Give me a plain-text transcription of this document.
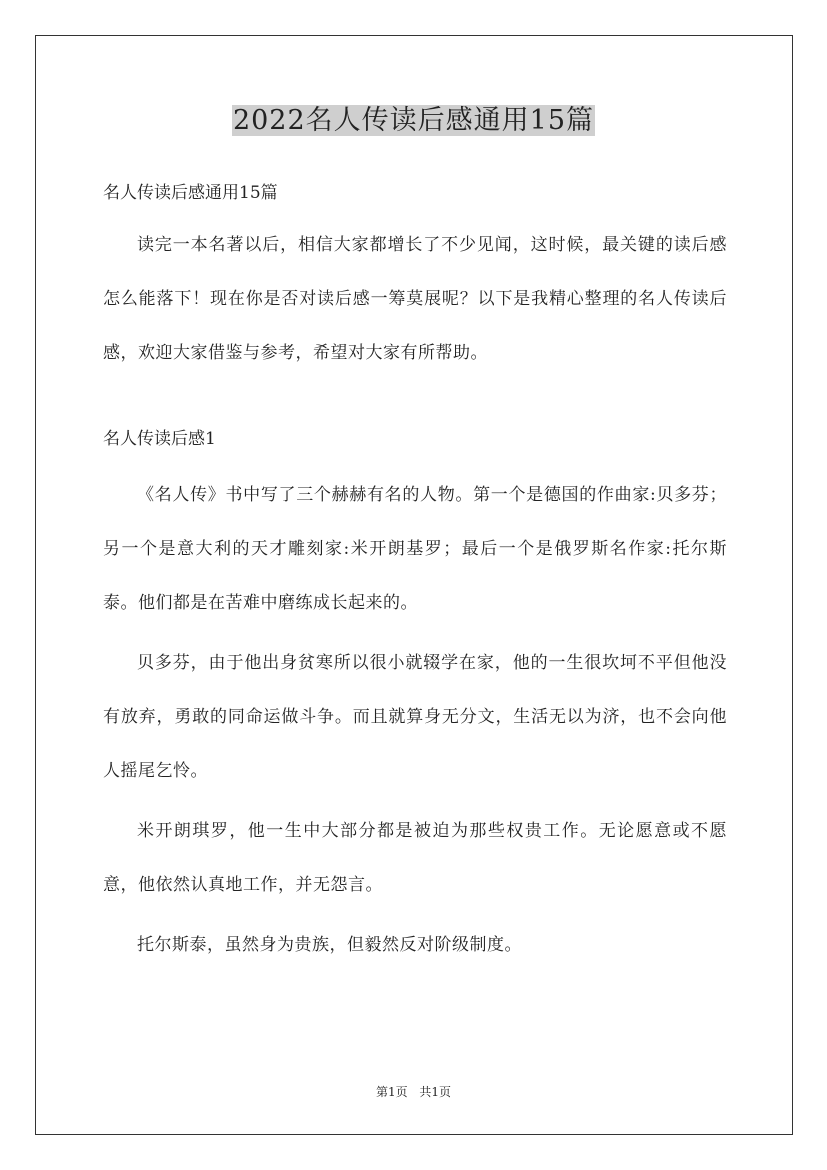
2022名人传读后感通用15篇

名人传读后感通用15篇

读完一本名著以后，相信大家都增长了不少见闻，这时候，最关键的读后感怎么能落下！现在你是否对读后感一筹莫展呢？以下是我精心整理的名人传读后感，欢迎大家借鉴与参考，希望对大家有所帮助。

名人传读后感1

《名人传》书中写了三个赫赫有名的人物。第一个是德国的作曲家:贝多芬；另一个是意大利的天才雕刻家:米开朗基罗；最后一个是俄罗斯名作家:托尔斯泰。他们都是在苦难中磨练成长起来的。

贝多芬，由于他出身贫寒所以很小就辍学在家，他的一生很坎坷不平但他没有放弃，勇敢的同命运做斗争。而且就算身无分文，生活无以为济，也不会向他人摇尾乞怜。

米开朗琪罗，他一生中大部分都是被迫为那些权贵工作。无论愿意或不愿意，他依然认真地工作，并无怨言。

托尔斯泰，虽然身为贵族，但毅然反对阶级制度。

第1页 共1页
